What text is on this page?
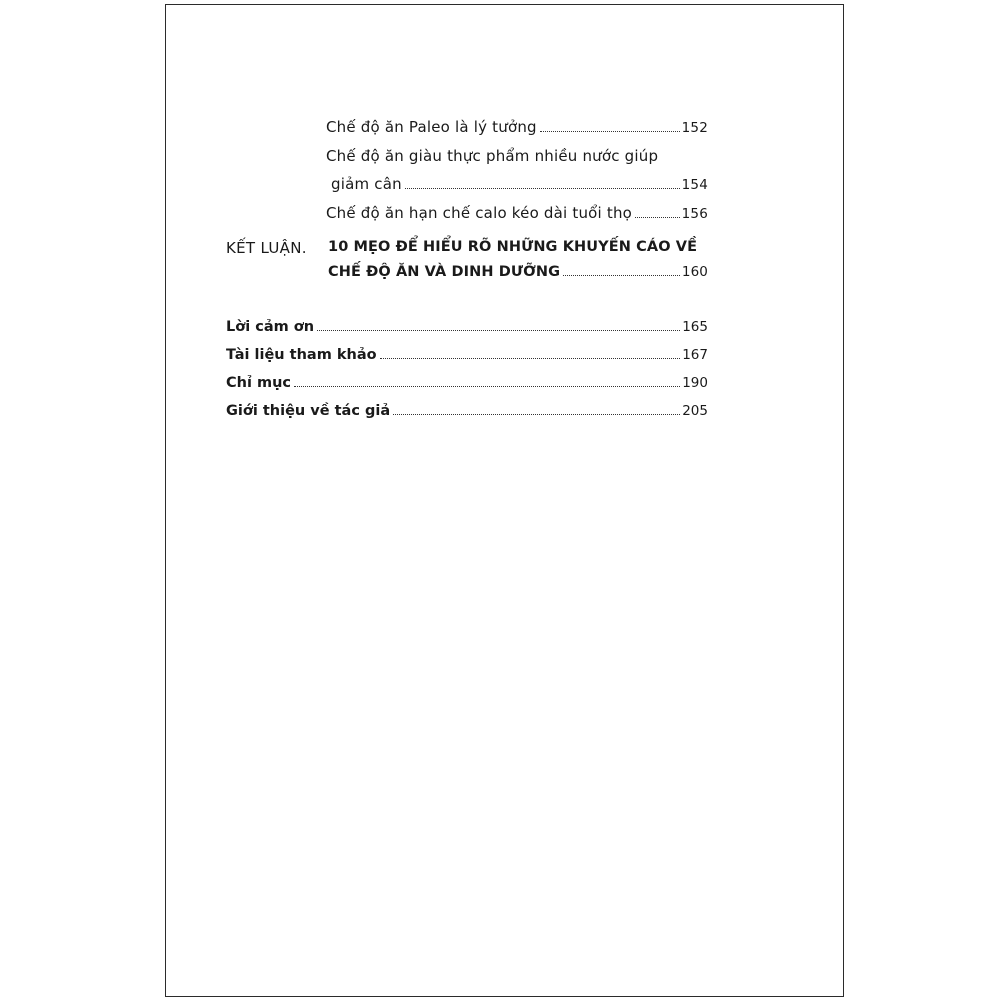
Chế độ ăn Paleo là lý tưởng	152
Chế độ ăn giàu thực phẩm nhiều nước giúp
giảm cân	154
Chế độ ăn hạn chế calo kéo dài tuổi thọ	156
KẾT LUẬN. 10 MẸO ĐỂ HIỂU RÕ NHỮNG KHUYẾN CÁO VỀ
CHẾ ĐỘ ĂN VÀ DINH DƯỠNG	160
Lời cảm ơn	165
Tài liệu tham khảo	167
Chỉ mục	190
Giới thiệu về tác giả	205
